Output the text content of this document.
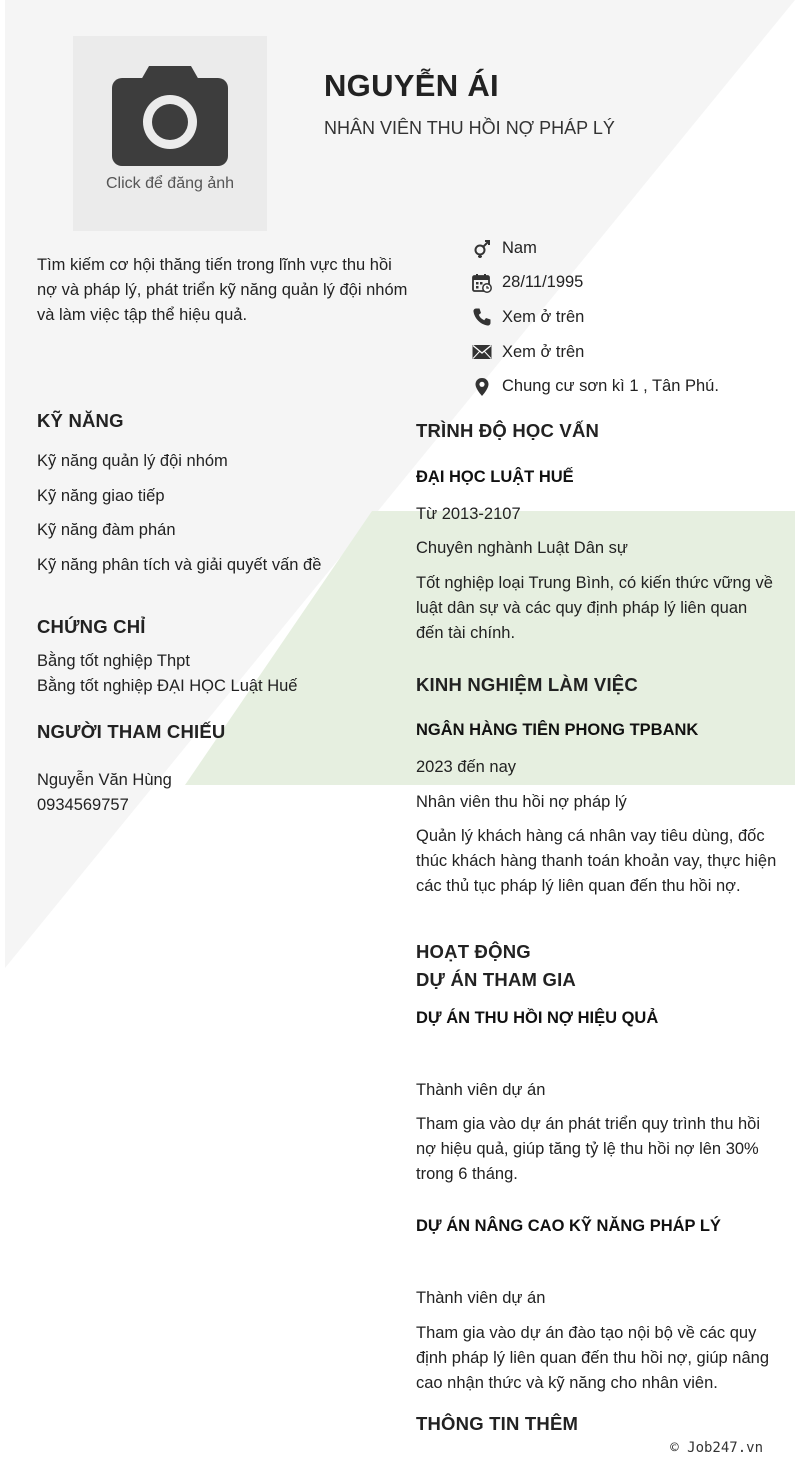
Click để đăng ảnh
NGUYỄN ÁI
NHÂN VIÊN THU HỒI NỢ PHÁP LÝ
Tìm kiếm cơ hội thăng tiến trong lĩnh vực thu hồi nợ và pháp lý, phát triển kỹ năng quản lý đội nhóm và làm việc tập thể hiệu quả.
Nam
28/11/1995
Xem ở trên
Xem ở trên
Chung cư sơn kì 1 , Tân Phú.
KỸ NĂNG
Kỹ năng quản lý đội nhóm
Kỹ năng giao tiếp
Kỹ năng đàm phán
Kỹ năng phân tích và giải quyết vấn đề
CHỨNG CHỈ
Bằng tốt nghiệp Thpt
Bằng tốt nghiệp ĐẠI HỌC Luật Huế
NGƯỜI THAM CHIẾU
Nguyễn Văn Hùng
0934569757
TRÌNH ĐỘ HỌC VẤN
ĐẠI HỌC LUẬT HUẾ
Từ 2013-2107
Chuyên nghành Luật Dân sự
Tốt nghiệp loại Trung Bình, có kiến thức vững về luật dân sự và các quy định pháp lý liên quan đến tài chính.
KINH NGHIỆM LÀM VIỆC
NGÂN HÀNG TIÊN PHONG TPBANK
2023 đến nay
Nhân viên thu hồi nợ pháp lý
Quản lý khách hàng cá nhân vay tiêu dùng, đốc thúc khách hàng thanh toán khoản vay, thực hiện các thủ tục pháp lý liên quan đến thu hồi nợ.
HOẠT ĐỘNG
DỰ ÁN THAM GIA
DỰ ÁN THU HỒI NỢ HIỆU QUẢ
Thành viên dự án
Tham gia vào dự án phát triển quy trình thu hồi nợ hiệu quả, giúp tăng tỷ lệ thu hồi nợ lên 30% trong 6 tháng.
DỰ ÁN NÂNG CAO KỸ NĂNG PHÁP LÝ
Thành viên dự án
Tham gia vào dự án đào tạo nội bộ về các quy định pháp lý liên quan đến thu hồi nợ, giúp nâng cao nhận thức và kỹ năng cho nhân viên.
THÔNG TIN THÊM
© Job247.vn
